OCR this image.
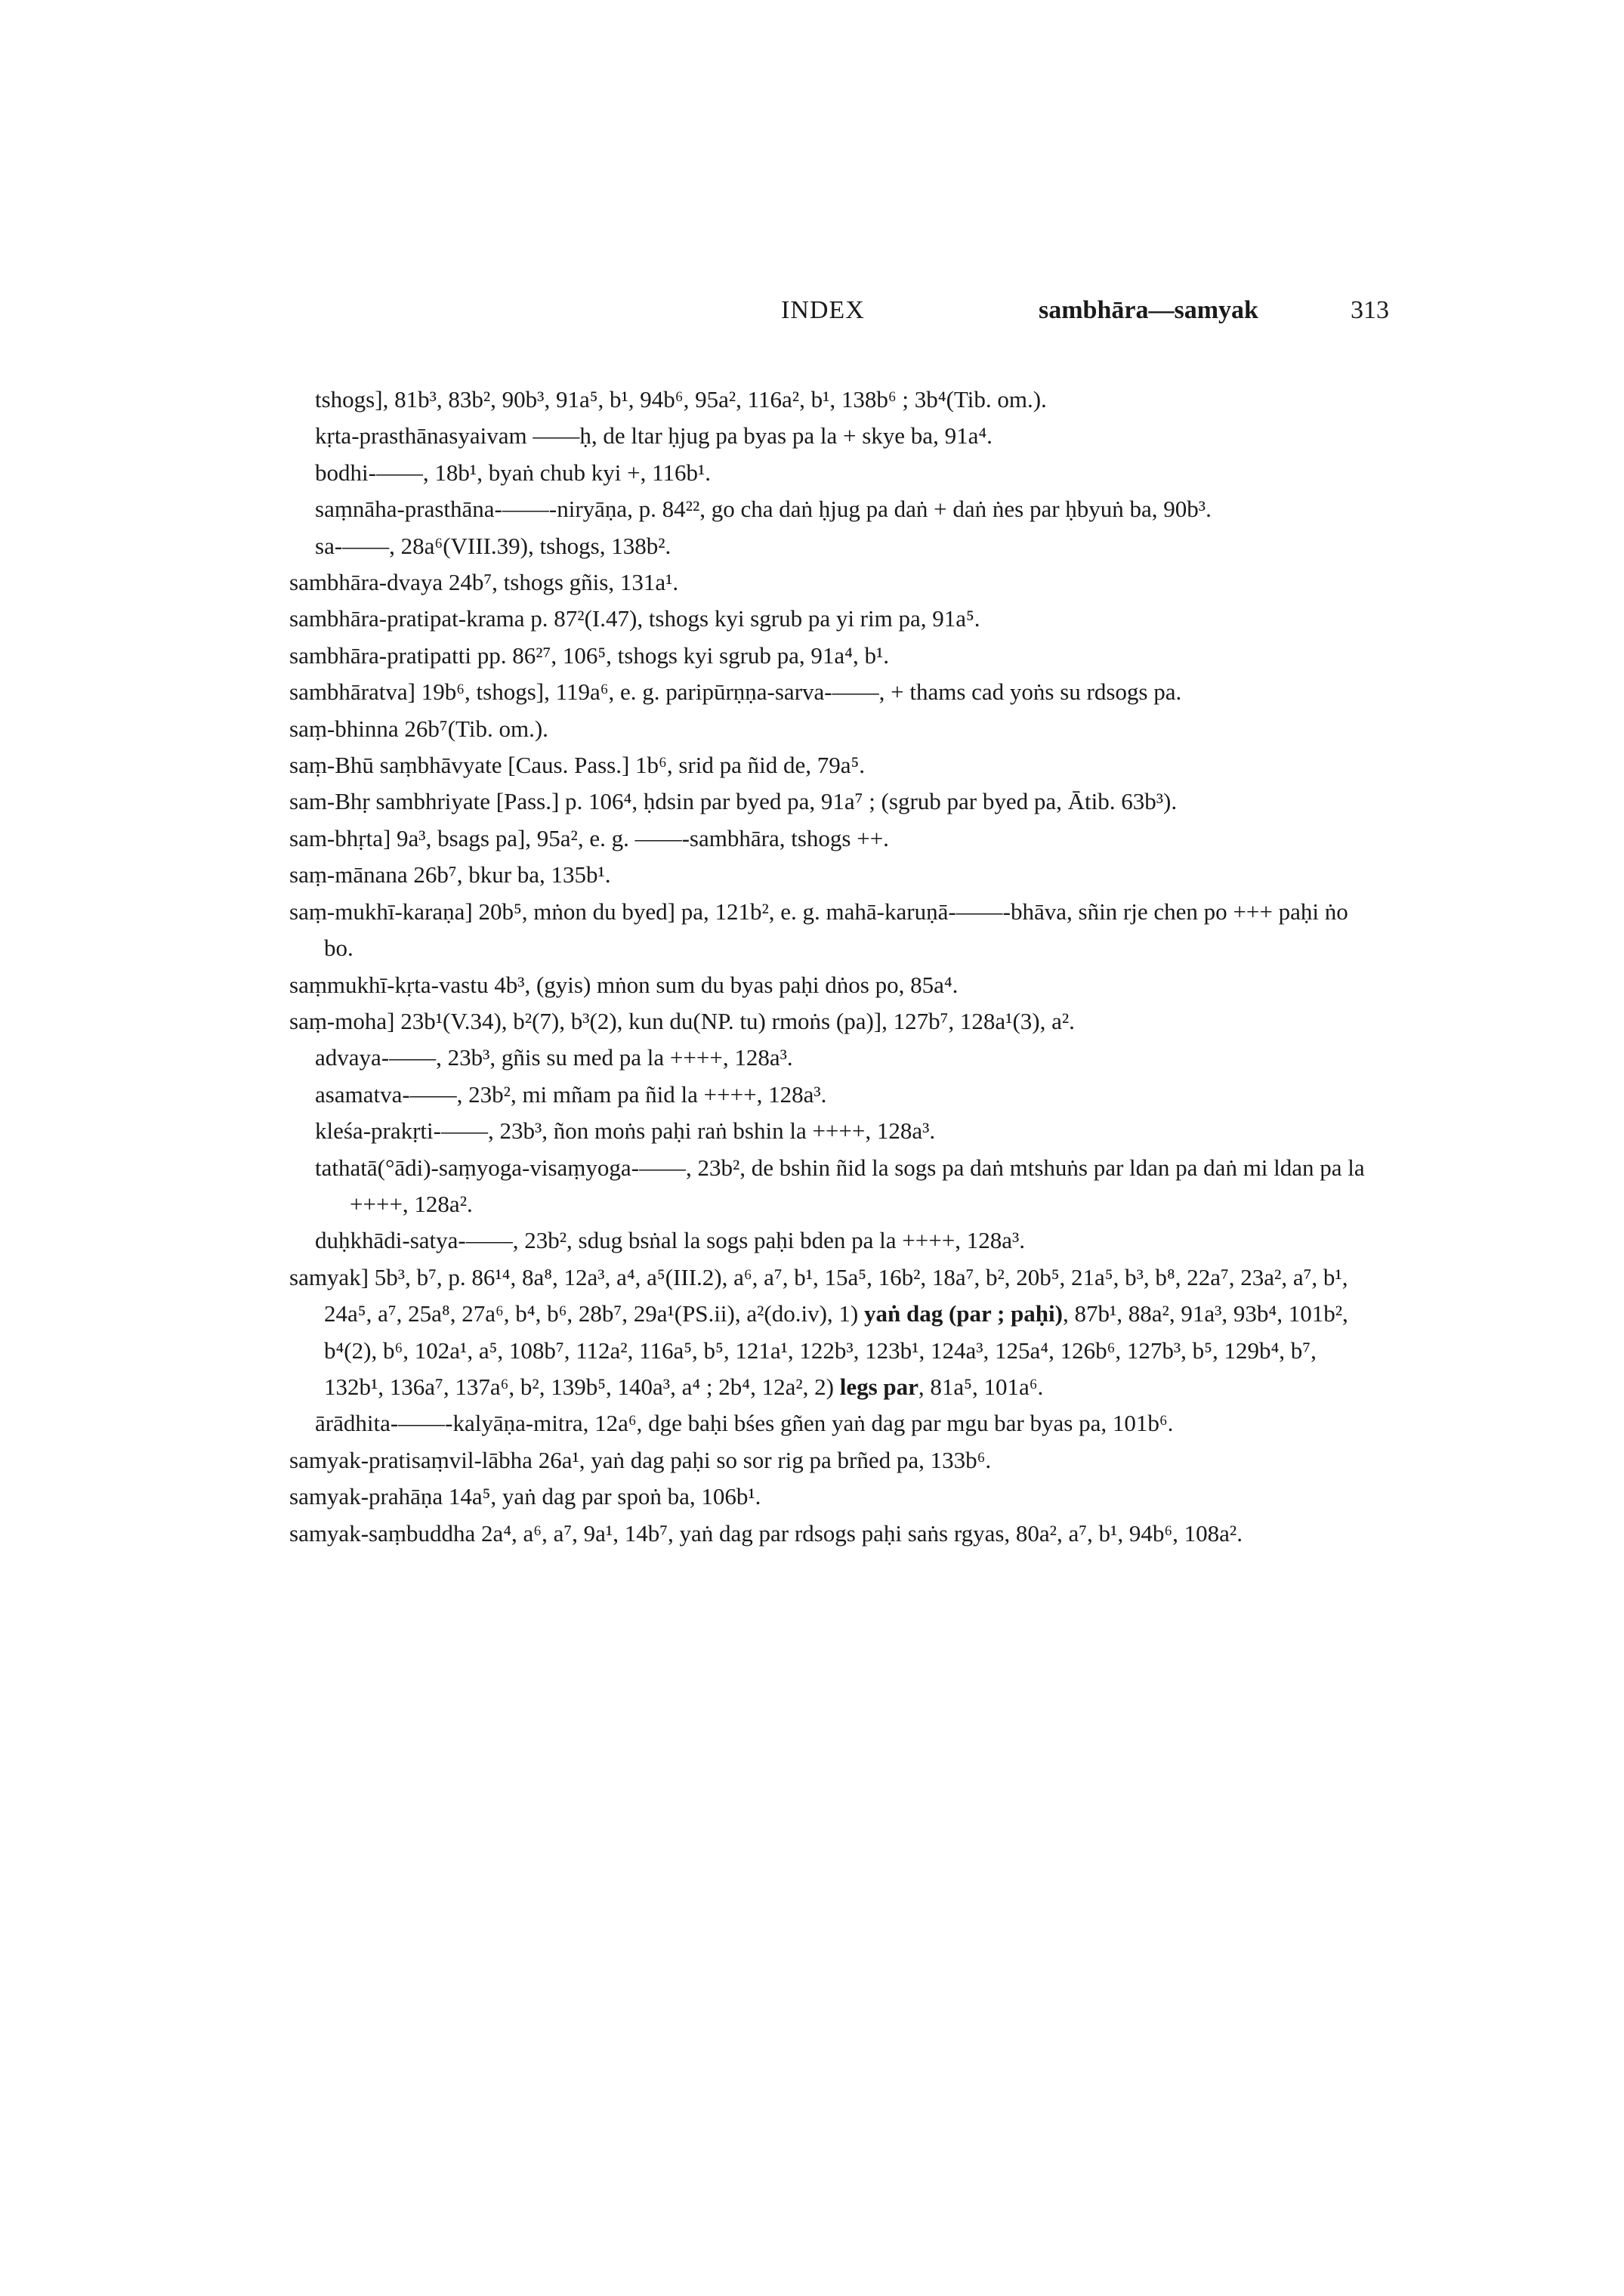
INDEX	sambhāra—samyak	313

tshogs], 81b³, 83b², 90b³, 91a⁵, b¹, 94b⁶, 95a², 116a², b¹, 138b⁶ ; 3b⁴(Tib. om.).

kṛta-prasthānasyaivam ——ḥ, de ltar ḥjug pa byas pa la + skye ba, 91a⁴.

bodhi-——, 18b¹, byaṅ chub kyi +, 116b¹.

saṃnāha-prasthāna-——-niryāṇa, p. 84²², go cha daṅ ḥjug pa daṅ + daṅ ṅes par ḥbyuṅ ba, 90b³.

sa-——, 28a⁶(VIII.39), tshogs, 138b².

sambhāra-dvaya 24b⁷, tshogs gñis, 131a¹.

sambhāra-pratipat-krama p. 87²(I.47), tshogs kyi sgrub pa yi rim pa, 91a⁵.

sambhāra-pratipatti pp. 86²⁷, 106⁵, tshogs kyi sgrub pa, 91a⁴, b¹.

sambhāratva] 19b⁶, tshogs], 119a⁶, e. g. paripūrṇṇa-sarva-——, + thams cad yoṅs su rdsogs pa.

saṃ-bhinna 26b⁷(Tib. om.).

saṃ-Bhū saṃbhāvyate [Caus. Pass.] 1b⁶, srid pa ñid de, 79a⁵.

sam-Bhṛ sambhriyate [Pass.] p. 106⁴, ḥdsin par byed pa, 91a⁷ ; (sgrub par byed pa, Ātib. 63b³).

sam-bhṛta] 9a³, bsags pa], 95a², e. g. ——-sambhāra, tshogs ++.

saṃ-mānana 26b⁷, bkur ba, 135b¹.

saṃ-mukhī-karaṇa] 20b⁵, mṅon du byed] pa, 121b², e. g. mahā-karuṇā-——-bhāva, sñin rje chen po +++ paḥi ṅo bo.

saṃmukhī-kṛta-vastu 4b³, (gyis) mṅon sum du byas paḥi dṅos po, 85a⁴.

saṃ-moha] 23b¹(V.34), b²(7), b³(2), kun du(NP. tu) rmoṅs (pa)], 127b⁷, 128a¹(3), a².

advaya-——, 23b³, gñis su med pa la ++++, 128a³.

asamatva-——, 23b², mi mñam pa ñid la ++++, 128a³.

kleśa-prakṛti-——, 23b³, ñon moṅs paḥi raṅ bshin la ++++, 128a³.

tathatā(°ādi)-saṃyoga-visaṃyoga-——, 23b², de bshin ñid la sogs pa daṅ mtshuṅs par ldan pa daṅ mi ldan pa la ++++, 128a².

duḥkhādi-satya-——, 23b², sdug bsṅal la sogs paḥi bden pa la ++++, 128a³.

samyak] 5b³, b⁷, p. 86¹⁴, 8a⁸, 12a³, a⁴, a⁵(III.2), a⁶, a⁷, b¹, 15a⁵, 16b², 18a⁷, b², 20b⁵, 21a⁵, b³, b⁸, 22a⁷, 23a², a⁷, b¹, 24a⁵, a⁷, 25a⁸, 27a⁶, b⁴, b⁶, 28b⁷, 29a¹(PS.ii), a²(do.iv), 1) yaṅ dag (par ; paḥi), 87b¹, 88a², 91a³, 93b⁴, 101b², b⁴(2), b⁶, 102a¹, a⁵, 108b⁷, 112a², 116a⁵, b⁵, 121a¹, 122b³, 123b¹, 124a³, 125a⁴, 126b⁶, 127b³, b⁵, 129b⁴, b⁷, 132b¹, 136a⁷, 137a⁶, b², 139b⁵, 140a³, a⁴ ; 2b⁴, 12a², 2) legs par, 81a⁵, 101a⁶.

ārādhita-——-kalyāṇa-mitra, 12a⁶, dge baḥi bśes gñen yaṅ dag par mgu bar byas pa, 101b⁶.

samyak-pratisaṃvil-lābha 26a¹, yaṅ dag paḥi so sor rig pa brñed pa, 133b⁶.

samyak-prahāṇa 14a⁵, yaṅ dag par spoṅ ba, 106b¹.

samyak-saṃbuddha 2a⁴, a⁶, a⁷, 9a¹, 14b⁷, yaṅ dag par rdsogs paḥi saṅs rgyas, 80a², a⁷, b¹, 94b⁶, 108a².
